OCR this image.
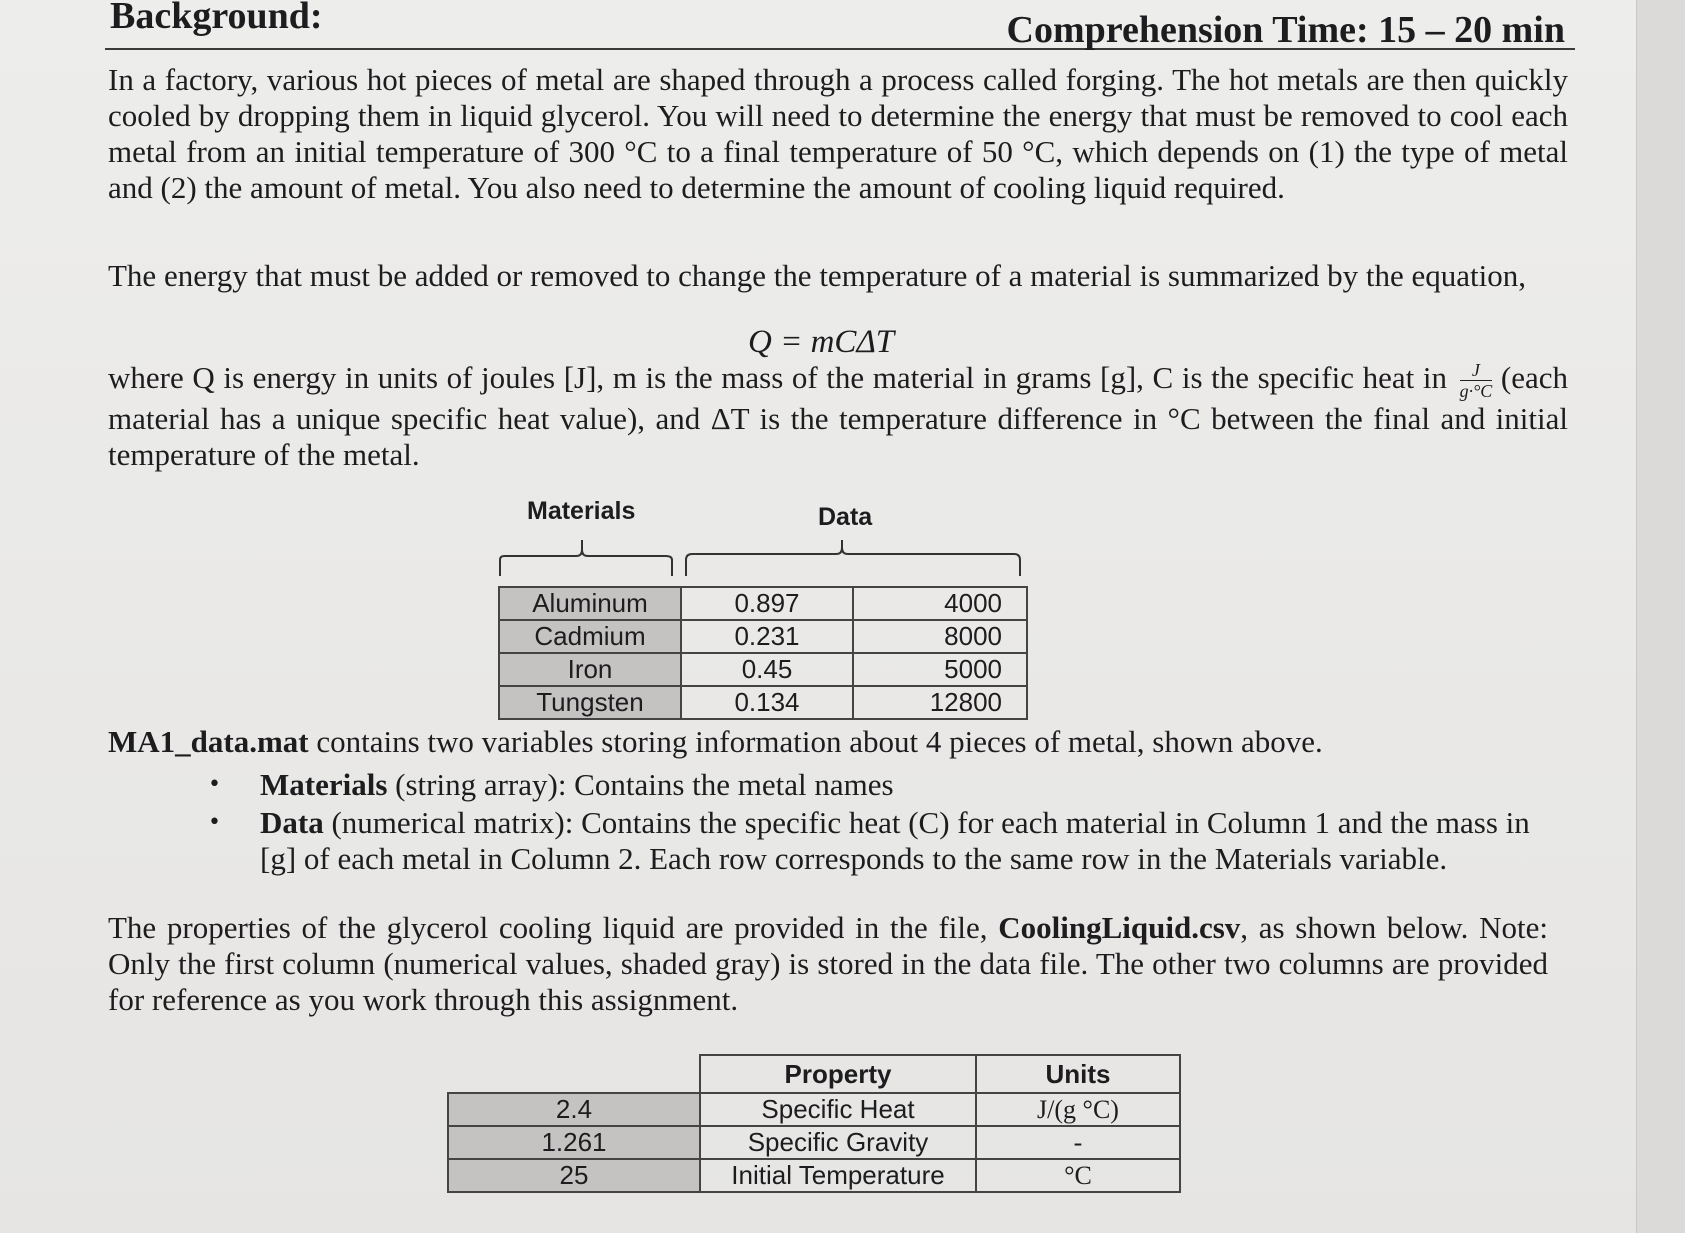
Background:	Comprehension Time: 15 – 20 min

In a factory, various hot pieces of metal are shaped through a process called forging. The hot metals are then quickly cooled by dropping them in liquid glycerol. You will need to determine the energy that must be removed to cool each metal from an initial temperature of 300 °C to a final temperature of 50 °C, which depends on (1) the type of metal and (2) the amount of metal. You also need to determine the amount of cooling liquid required.

The energy that must be added or removed to change the temperature of a material is summarized by the equation,

Q = mCΔT

where Q is energy in units of joules [J], m is the mass of the material in grams [g], C is the specific heat in $\frac{J}{g\cdot^\circ C}$ (each material has a unique specific heat value), and ΔT is the temperature difference in °C between the final and initial temperature of the metal.

Materials	Data
Aluminum	0.897	4000
Cadmium	0.231	8000
Iron	0.45	5000
Tungsten	0.134	12800

MA1_data.mat contains two variables storing information about 4 pieces of metal, shown above.

• Materials (string array): Contains the metal names
• Data (numerical matrix): Contains the specific heat (C) for each material in Column 1 and the mass in [g] of each metal in Column 2. Each row corresponds to the same row in the Materials variable.

The properties of the glycerol cooling liquid are provided in the file, CoolingLiquid.csv, as shown below. Note: Only the first column (numerical values, shaded gray) is stored in the data file. The other two columns are provided for reference as you work through this assignment.

	Property	Units
2.4	Specific Heat	J/(g °C)
1.261	Specific Gravity	-
25	Initial Temperature	°C
